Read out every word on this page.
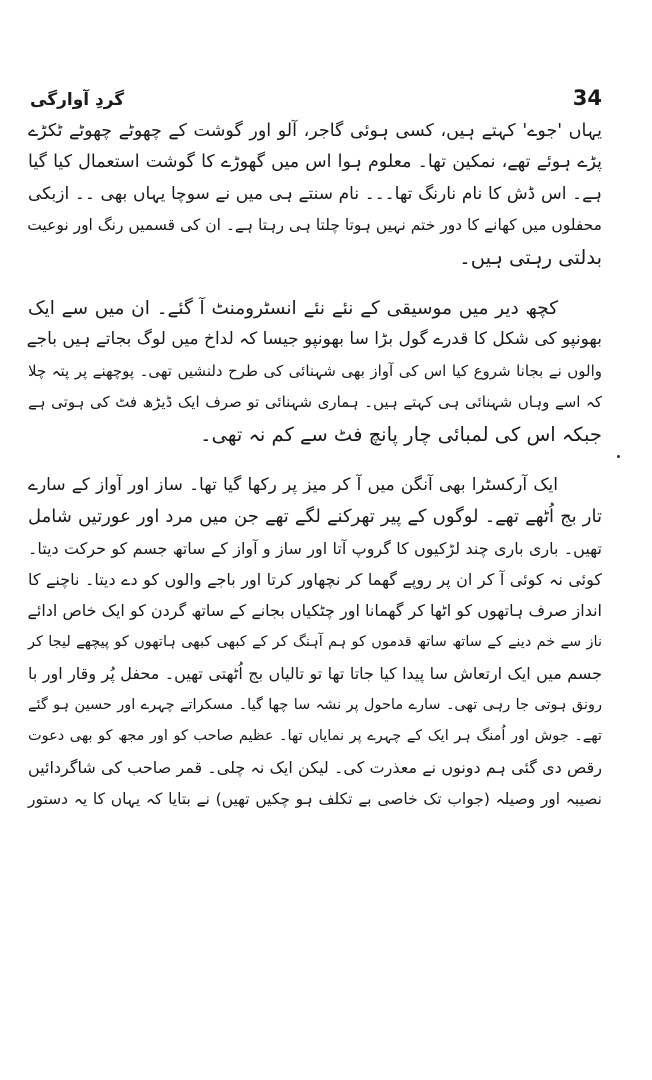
34
گردِ آوارگی
یہاں 'جوے' کہتے ہیں، کسی ہوئی گاجر، آلو اور گوشت کے چھوٹے چھوٹے ٹکڑے
پڑے ہوئے تھے، نمکین تھا۔ معلوم ہوا اس میں گھوڑے کا گوشت استعمال کیا گیا
ہے۔ اس ڈش کا نام نارنگ تھا۔۔۔ نام سنتے ہی میں نے سوچا یہاں بھی ۔۔ ازبکی
محفلوں میں کھانے کا دور ختم نہیں ہوتا چلتا ہی رہتا ہے۔ ان کی قسمیں رنگ اور نوعیت
بدلتی رہتی ہیں۔
کچھ دیر میں موسیقی کے نئے نئے انسٹرومنٹ آ گئے۔ ان میں سے ایک
بھونپو کی شکل کا قدرے گول بڑا سا بھونپو جیسا کہ لداخ میں لوگ بجاتے ہیں باجے
والوں نے بجانا شروع کیا اس کی آواز بھی شہنائی کی طرح دلنشیں تھی۔ پوچھنے پر پتہ چلا
کہ اسے وہاں شہنائی ہی کہتے ہیں۔ ہماری شہنائی تو صرف ایک ڈیڑھ فٹ کی ہوتی ہے
جبکہ اس کی لمبائی چار پانچ فٹ سے کم نہ تھی۔
ایک آرکسٹرا بھی آنگن میں آ کر میز پر رکھا گیا تھا۔ ساز اور آواز کے سارے
تار بج اُٹھے تھے۔ لوگوں کے پیر تھرکنے لگے تھے جن میں مرد اور عورتیں شامل
تھیں۔ باری باری چند لڑکیوں کا گروپ آتا اور ساز و آواز کے ساتھ جسم کو حرکت دیتا۔
کوئی نہ کوئی آ کر ان پر روپے گھما کر نچھاور کرتا اور باجے والوں کو دے دیتا۔ ناچنے کا
انداز صرف ہاتھوں کو اٹھا کر گھمانا اور چٹکیاں بجانے کے ساتھ گردن کو ایک خاص ادائے
ناز سے خم دینے کے ساتھ ساتھ قدموں کو ہم آہنگ کر کے کبھی کبھی ہاتھوں کو پیچھے لیجا کر
جسم میں ایک ارتعاش سا پیدا کیا جاتا تھا تو تالیاں بج اُٹھتی تھیں۔ محفل پُر وقار اور با
رونق ہوتی جا رہی تھی۔ سارے ماحول پر نشہ سا چھا گیا۔ مسکراتے چہرے اور حسین ہو گئے
تھے۔ جوش اور اُمنگ ہر ایک کے چہرے پر نمایاں تھا۔ عظیم صاحب کو اور مجھ کو بھی دعوت
رقص دی گئی ہم دونوں نے معذرت کی۔ لیکن ایک نہ چلی۔ قمر صاحب کی شاگردائیں
نصیبہ اور وصیلہ (جواب تک خاصی بے تکلف ہو چکیں تھیں) نے بتایا کہ یہاں کا یہ دستور
